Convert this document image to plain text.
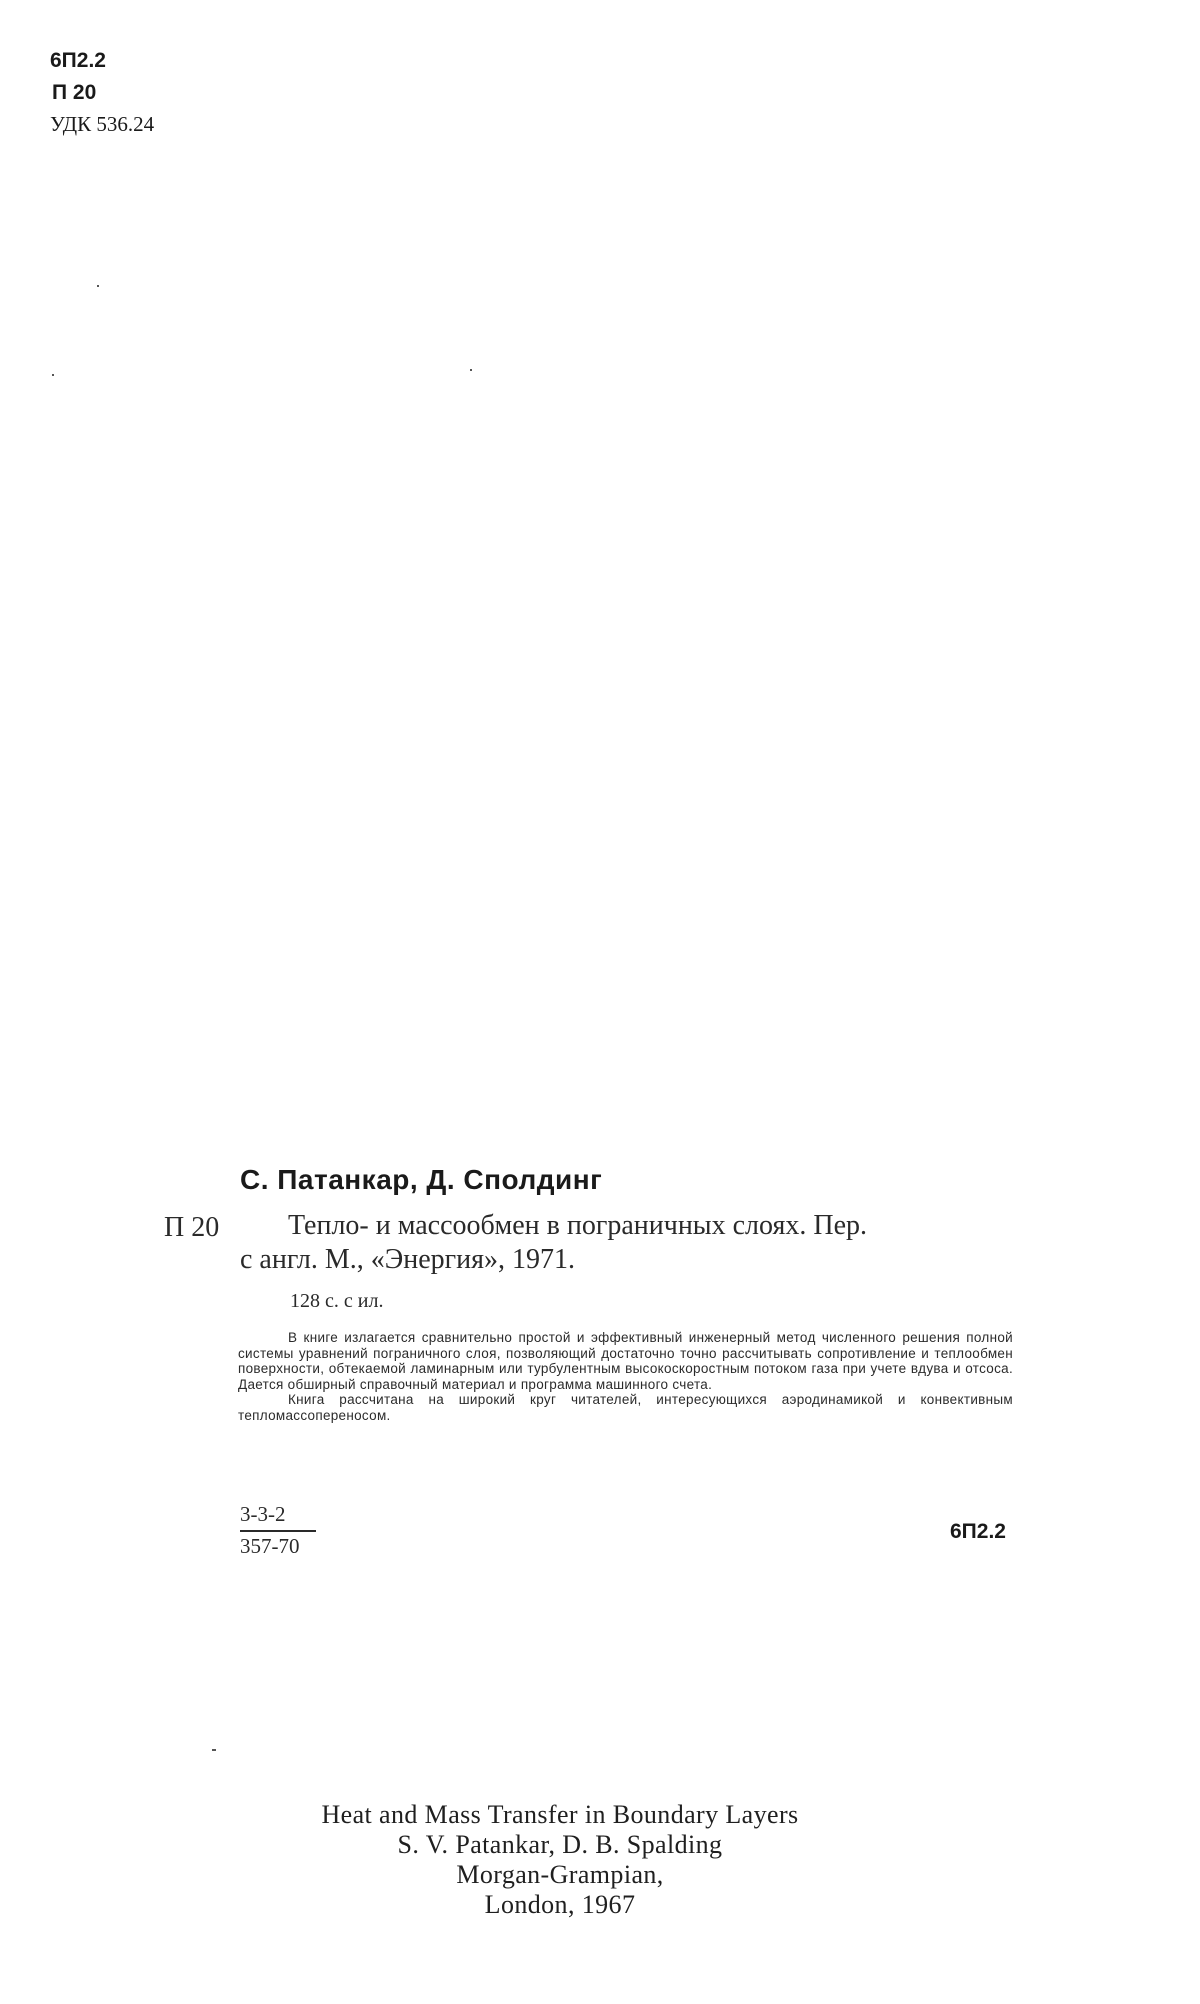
6П2.2
П 20
УДК 536.24
С. Патанкар, Д. Сполдинг
П 20 Тепло- и массообмен в пограничных слоях. Пер.
с англ. М., «Энергия», 1971.
128 с. с ил.

В книге излагается сравнительно простой и эффективный инженерный метод численного решения полной системы уравнений пограничного слоя, позволяющий достаточно точно рассчитывать сопротивление и теплообмен поверхности, обтекаемой ламинарным или турбулентным высокоскоростным потоком газа при учете вдува и отсоса. Дается обширный справочный материал и программа машинного счета.

Книга рассчитана на широкий круг читателей, интересующихся аэродинамикой и конвективным тепломассопереносом.

3-3-2
357-70
6П2.2
Heat and Mass Transfer in Boundary Layers
S. V. Patankar, D. B. Spalding
Morgan-Grampian,
London, 1967
